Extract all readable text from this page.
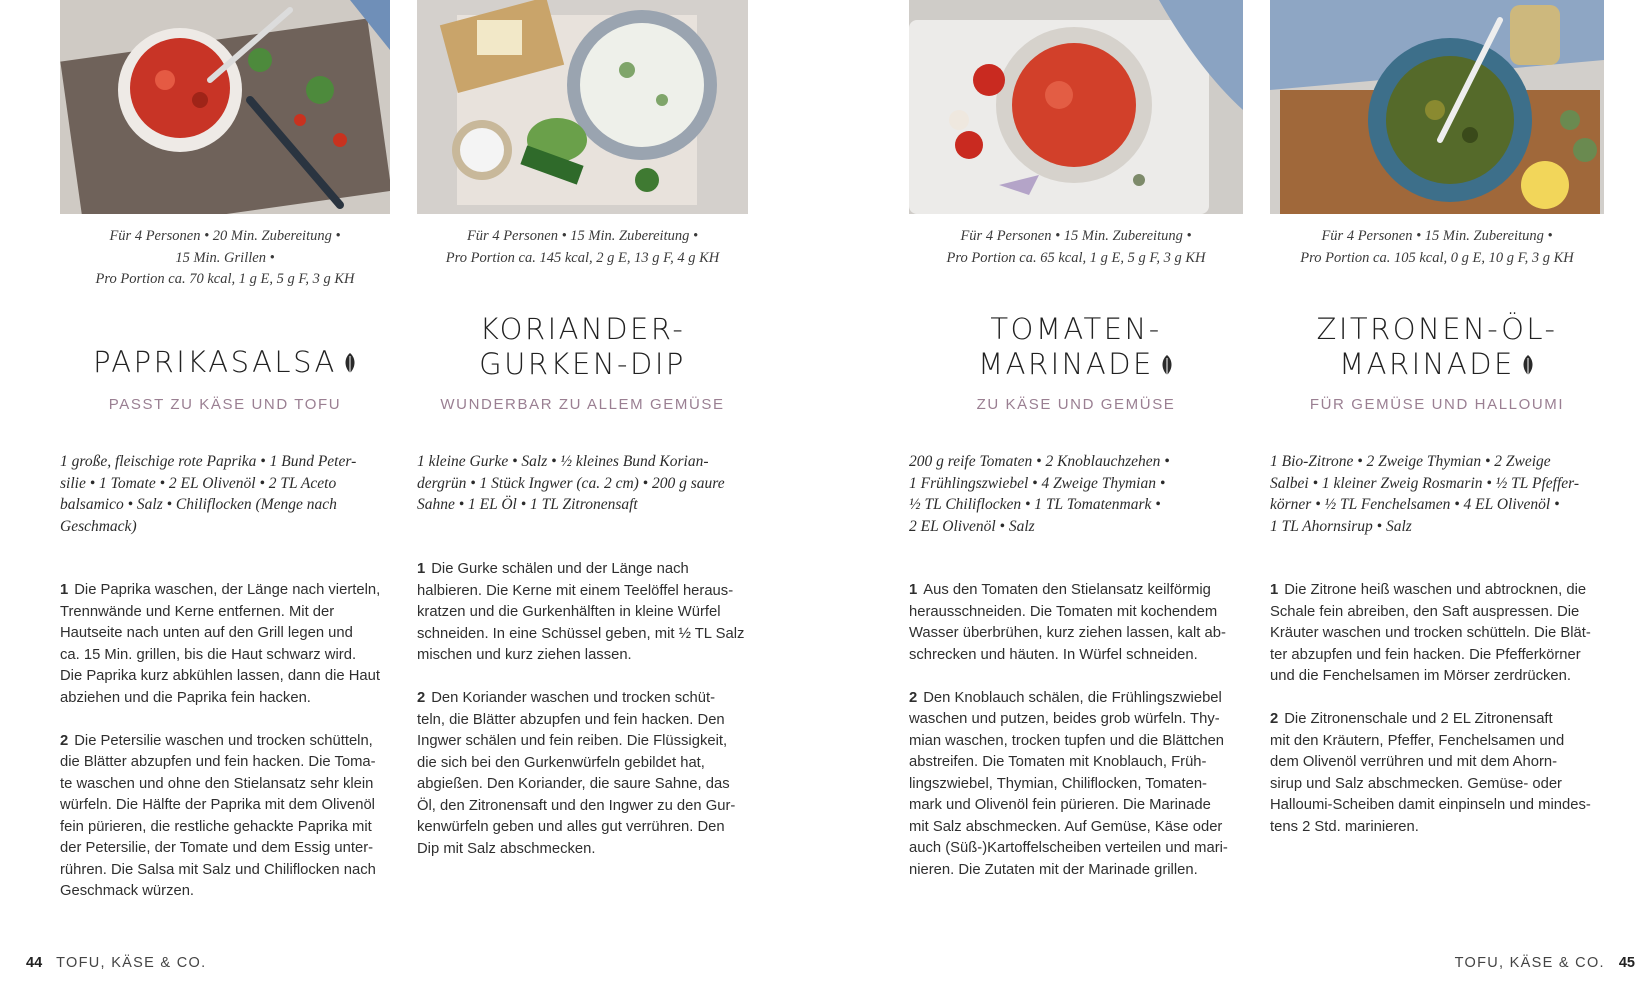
Für 4 Personen • 20 Min. Zubereitung •
15 Min. Grillen •
Pro Portion ca. 70 kcal, 1 g E, 5 g F, 3 g KH
PAPRIKASALSA
PASST ZU KÄSE UND TOFU
1 große, fleischige rote Paprika • 1 Bund Peter-
silie • 1 Tomate • 2 EL Olivenöl • 2 TL Aceto
balsamico • Salz • Chiliflocken (Menge nach
Geschmack)
1 Die Paprika waschen, der Länge nach vierteln,
Trennwände und Kerne entfernen. Mit der
Hautseite nach unten auf den Grill legen und
ca. 15 Min. grillen, bis die Haut schwarz wird.
Die Paprika kurz abkühlen lassen, dann die Haut
abziehen und die Paprika fein hacken.
2 Die Petersilie waschen und trocken schütteln,
die Blätter abzupfen und fein hacken. Die Toma-
te waschen und ohne den Stielansatz sehr klein
würfeln. Die Hälfte der Paprika mit dem Olivenöl
fein pürieren, die restliche gehackte Paprika mit
der Petersilie, der Tomate und dem Essig unter-
rühren. Die Salsa mit Salz und Chiliflocken nach
Geschmack würzen.
Für 4 Personen • 15 Min. Zubereitung •
Pro Portion ca. 145 kcal, 2 g E, 13 g F, 4 g KH
KORIANDER-
GURKEN-DIP
WUNDERBAR ZU ALLEM GEMÜSE
1 kleine Gurke • Salz • ½ kleines Bund Korian-
dergrün • 1 Stück Ingwer (ca. 2 cm) • 200 g saure
Sahne • 1 EL Öl • 1 TL Zitronensaft
1 Die Gurke schälen und der Länge nach
halbieren. Die Kerne mit einem Teelöffel heraus-
kratzen und die Gurkenhälften in kleine Würfel
schneiden. In eine Schüssel geben, mit ½ TL Salz
mischen und kurz ziehen lassen.
2 Den Koriander waschen und trocken schüt-
teln, die Blätter abzupfen und fein hacken. Den
Ingwer schälen und fein reiben. Die Flüssigkeit,
die sich bei den Gurkenwürfeln gebildet hat,
abgießen. Den Koriander, die saure Sahne, das
Öl, den Zitronensaft und den Ingwer zu den Gur-
kenwürfeln geben und alles gut verrühren. Den
Dip mit Salz abschmecken.
Für 4 Personen • 15 Min. Zubereitung •
Pro Portion ca. 65 kcal, 1 g E, 5 g F, 3 g KH
TOMATEN-
MARINADE
ZU KÄSE UND GEMÜSE
200 g reife Tomaten • 2 Knoblauchzehen •
1 Frühlingszwiebel • 4 Zweige Thymian •
½ TL Chiliflocken • 1 TL Tomatenmark •
2 EL Olivenöl • Salz
1 Aus den Tomaten den Stielansatz keilförmig
herausschneiden. Die Tomaten mit kochendem
Wasser überbrühen, kurz ziehen lassen, kalt ab-
schrecken und häuten. In Würfel schneiden.
2 Den Knoblauch schälen, die Frühlingszwiebel
waschen und putzen, beides grob würfeln. Thy-
mian waschen, trocken tupfen und die Blättchen
abstreifen. Die Tomaten mit Knoblauch, Früh-
lingszwiebel, Thymian, Chiliflocken, Tomaten-
mark und Olivenöl fein pürieren. Die Marinade
mit Salz abschmecken. Auf Gemüse, Käse oder
auch (Süß-)Kartoffelscheiben verteilen und mari-
nieren. Die Zutaten mit der Marinade grillen.
Für 4 Personen • 15 Min. Zubereitung •
Pro Portion ca. 105 kcal, 0 g E, 10 g F, 3 g KH
ZITRONEN-ÖL-
MARINADE
FÜR GEMÜSE UND HALLOUMI
1 Bio-Zitrone • 2 Zweige Thymian • 2 Zweige
Salbei • 1 kleiner Zweig Rosmarin • ½ TL Pfeffer-
körner • ½ TL Fenchelsamen • 4 EL Olivenöl •
1 TL Ahornsirup • Salz
1 Die Zitrone heiß waschen und abtrocknen, die
Schale fein abreiben, den Saft auspressen. Die
Kräuter waschen und trocken schütteln. Die Blät-
ter abzupfen und fein hacken. Die Pfefferkörner
und die Fenchelsamen im Mörser zerdrücken.
2 Die Zitronenschale und 2 EL Zitronensaft
mit den Kräutern, Pfeffer, Fenchelsamen und
dem Olivenöl verrühren und mit dem Ahorn-
sirup und Salz abschmecken. Gemüse- oder
Halloumi-Scheiben damit einpinseln und mindes-
tens 2 Std. marinieren.
44 TOFU, KÄSE & CO.	TOFU, KÄSE & CO. 45
